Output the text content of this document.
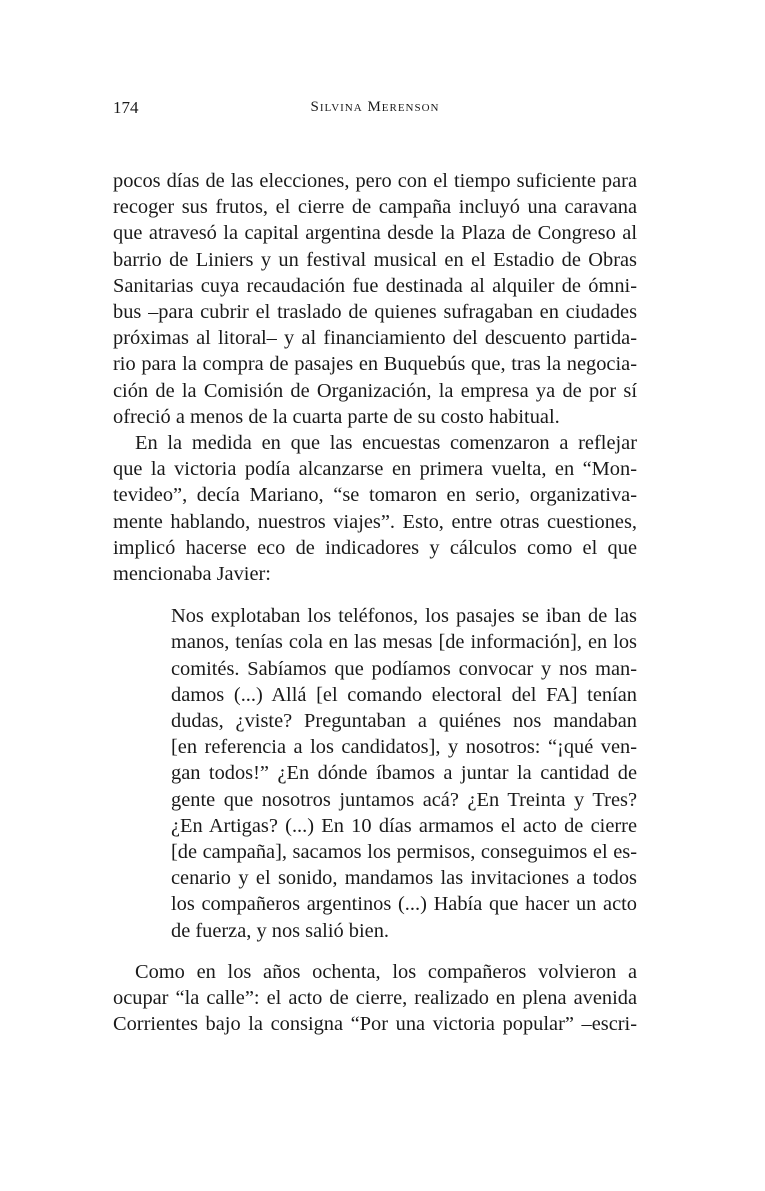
174	Silvina Merenson

pocos días de las elecciones, pero con el tiempo suficiente para
recoger sus frutos, el cierre de campaña incluyó una caravana
que atravesó la capital argentina desde la Plaza de Congreso al
barrio de Liniers y un festival musical en el Estadio de Obras
Sanitarias cuya recaudación fue destinada al alquiler de ómni-
bus –para cubrir el traslado de quienes sufragaban en ciudades
próximas al litoral– y al financiamiento del descuento partida-
rio para la compra de pasajes en Buquebús que, tras la negocia-
ción de la Comisión de Organización, la empresa ya de por sí
ofreció a menos de la cuarta parte de su costo habitual.

En la medida en que las encuestas comenzaron a reflejar
que la victoria podía alcanzarse en primera vuelta, en “Mon-
tevideo”, decía Mariano, “se tomaron en serio, organizativa-
mente hablando, nuestros viajes”. Esto, entre otras cuestiones,
implicó hacerse eco de indicadores y cálculos como el que
mencionaba Javier:

Nos explotaban los teléfonos, los pasajes se iban de las
manos, tenías cola en las mesas [de información], en los
comités. Sabíamos que podíamos convocar y nos man-
damos (...) Allá [el comando electoral del FA] tenían
dudas, ¿viste? Preguntaban a quiénes nos mandaban
[en referencia a los candidatos], y nosotros: “¡qué ven-
gan todos!” ¿En dónde íbamos a juntar la cantidad de
gente que nosotros juntamos acá? ¿En Treinta y Tres?
¿En Artigas? (...) En 10 días armamos el acto de cierre
[de campaña], sacamos los permisos, conseguimos el es-
cenario y el sonido, mandamos las invitaciones a todos
los compañeros argentinos (...) Había que hacer un acto
de fuerza, y nos salió bien.

Como en los años ochenta, los compañeros volvieron a
ocupar “la calle”: el acto de cierre, realizado en plena avenida
Corrientes bajo la consigna “Por una victoria popular” –escri-
